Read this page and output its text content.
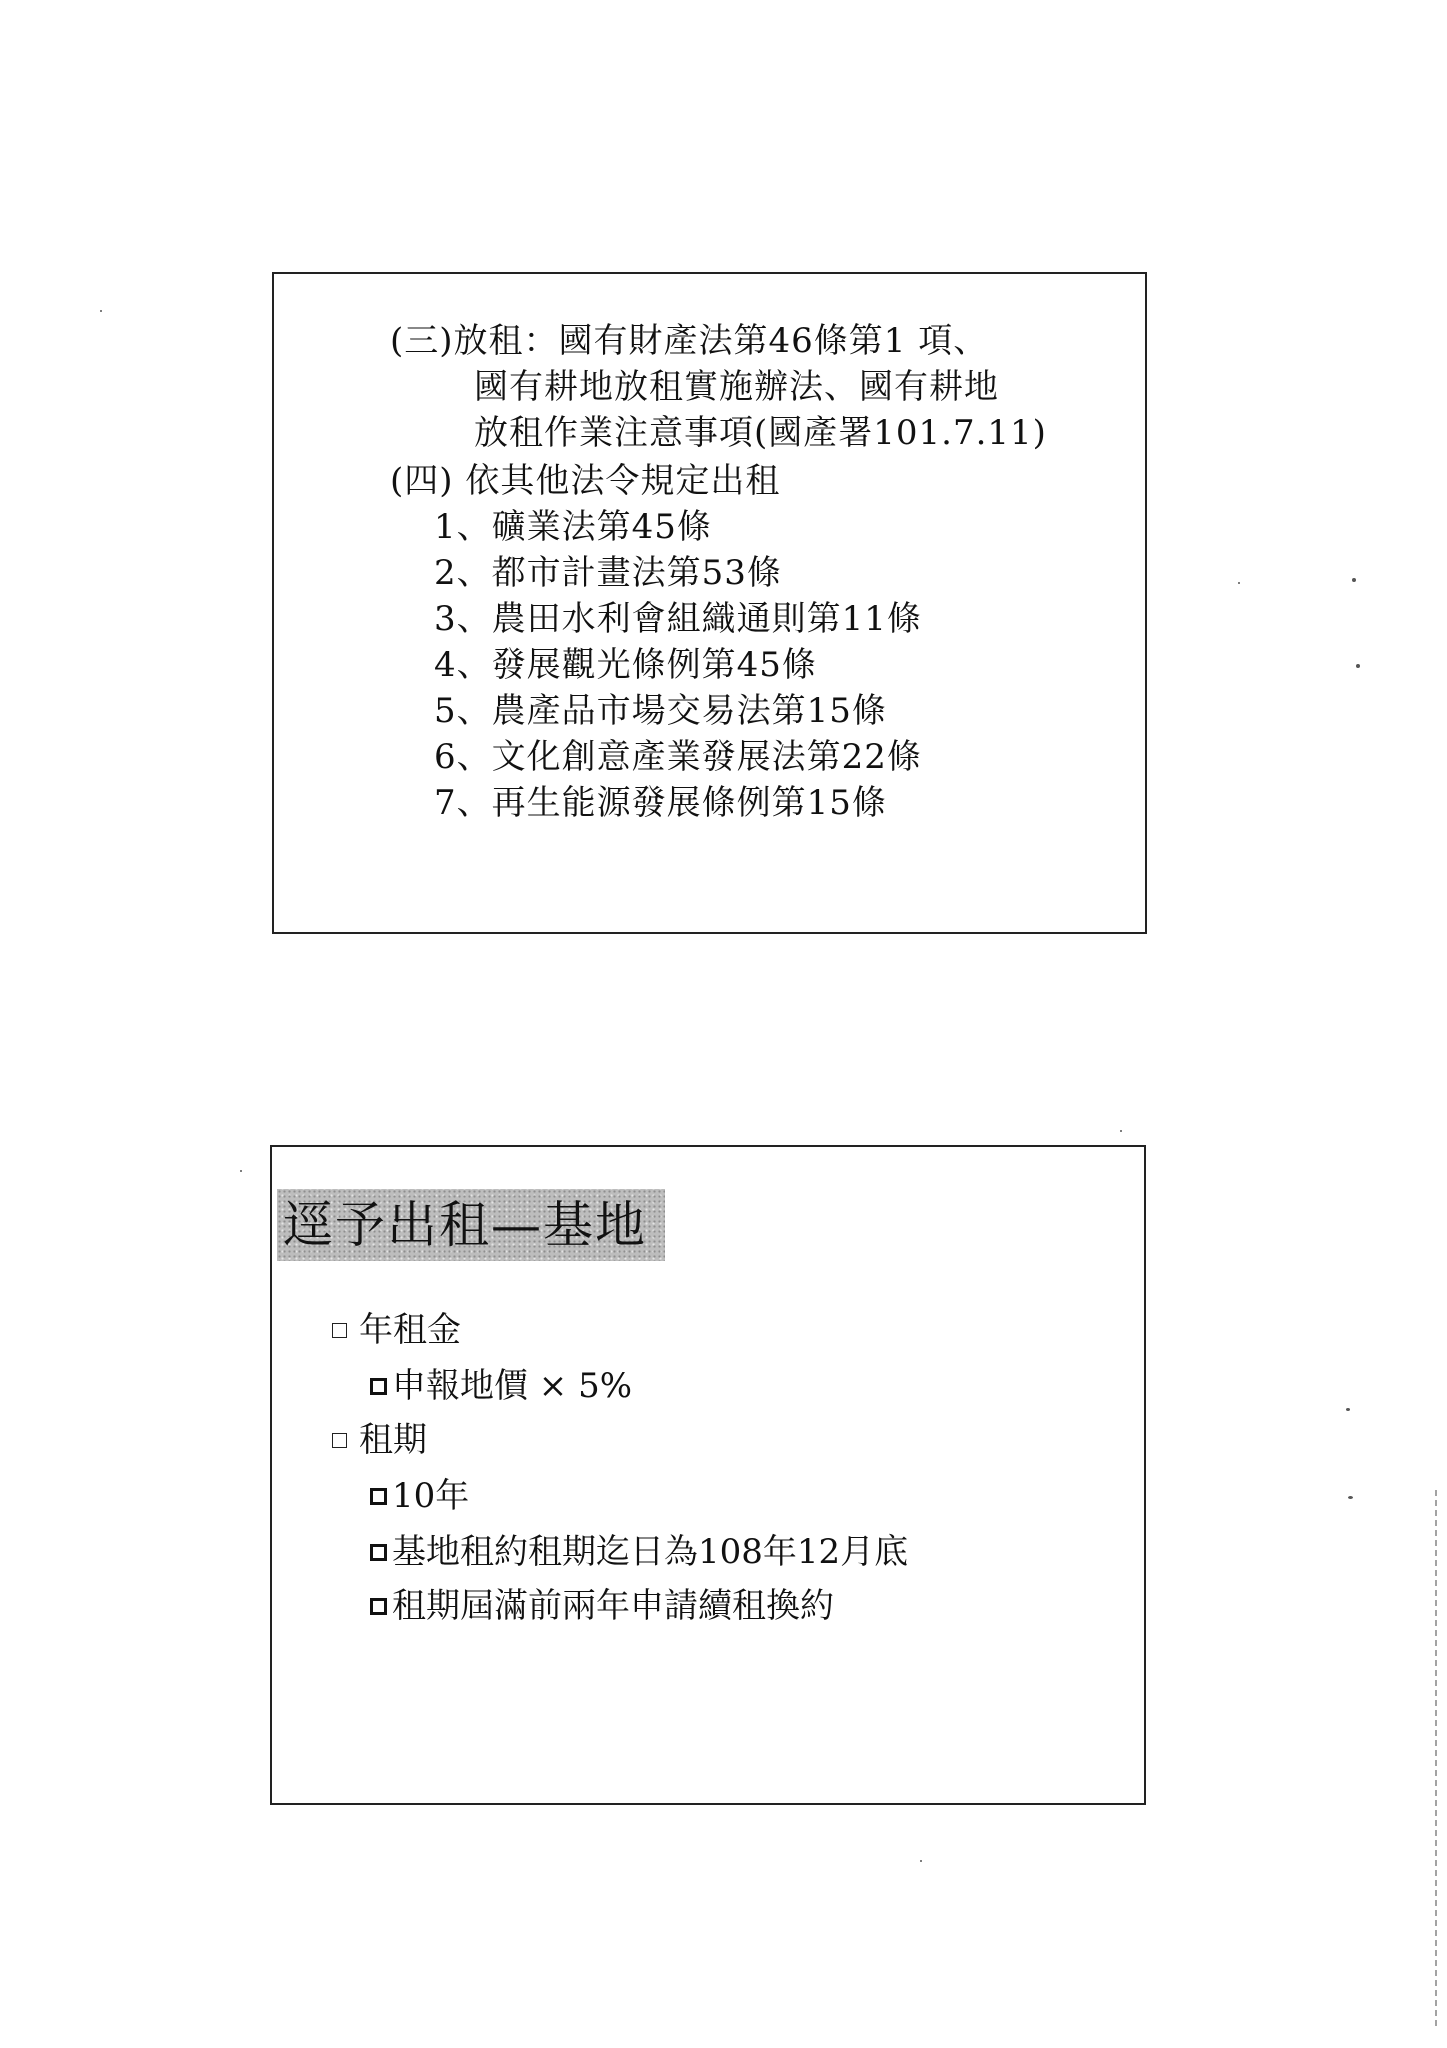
(三)放租：國有財產法第46條第1 項、
國有耕地放租實施辦法、國有耕地
放租作業注意事項(國產署101.7.11)
(四) 依其他法令規定出租
1、礦業法第45條
2、都市計畫法第53條
3、農田水利會組織通則第11條
4、發展觀光條例第45條
5、農產品市場交易法第15條
6、文化創意產業發展法第22條
7、再生能源發展條例第15條
逕予出租—基地
年租金
申報地價 × 5%
租期
10年
基地租約租期迄日為108年12月底
租期屆滿前兩年申請續租換約
